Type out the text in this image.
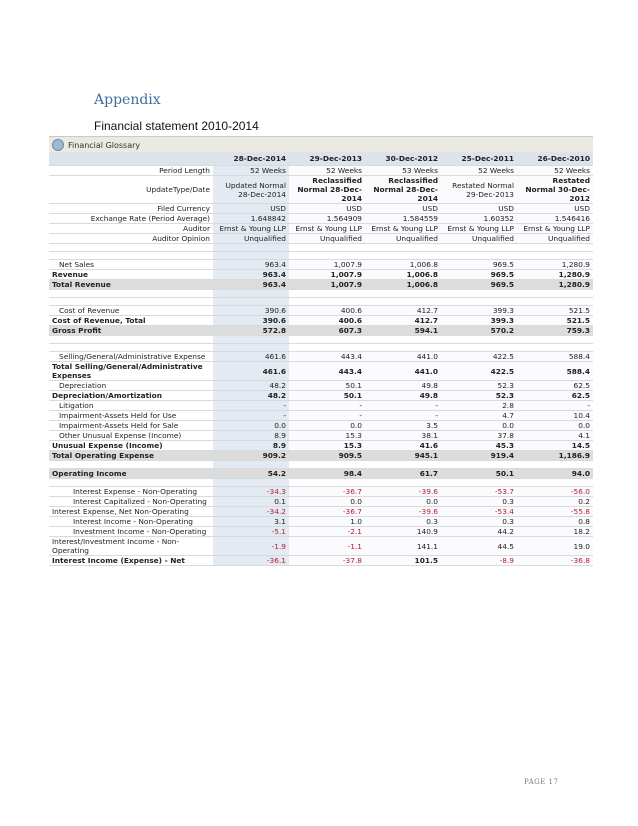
Appendix
Financial statement 2010-2014
Financial Glossary
	28-Dec-2014	29-Dec-2013	30-Dec-2012	25-Dec-2011	26-Dec-2010
Period Length	52 Weeks	52 Weeks	53 Weeks	52 Weeks	52 Weeks
UpdateType/Date	Updated Normal 28-Dec-2014	Reclassified Normal 28-Dec-2014	Reclassified Normal 28-Dec-2014	Restated Normal 29-Dec-2013	Restated Normal 30-Dec-2012
Filed Currency	USD	USD	USD	USD	USD
Exchange Rate (Period Average)	1.648842	1.564909	1.584559	1.60352	1.546416
Auditor	Ernst & Young LLP	Ernst & Young LLP	Ernst & Young LLP	Ernst & Young LLP	Ernst & Young LLP
Auditor Opinion	Unqualified	Unqualified	Unqualified	Unqualified	Unqualified

Net Sales	963.4	1,007.9	1,006.8	969.5	1,280.9
Revenue	963.4	1,007.9	1,006.8	969.5	1,280.9
Total Revenue	963.4	1,007.9	1,006.8	969.5	1,280.9

Cost of Revenue	390.6	400.6	412.7	399.3	521.5
Cost of Revenue, Total	390.6	400.6	412.7	399.3	521.5
Gross Profit	572.8	607.3	594.1	570.2	759.3

Selling/General/Administrative Expense	461.6	443.4	441.0	422.5	588.4
Total Selling/General/Administrative Expenses	461.6	443.4	441.0	422.5	588.4
Depreciation	48.2	50.1	49.8	52.3	62.5
Depreciation/Amortization	48.2	50.1	49.8	52.3	62.5
Litigation	-	-	-	2.8	-
Impairment-Assets Held for Use	-	-	-	4.7	10.4
Impairment-Assets Held for Sale	0.0	0.0	3.5	0.0	0.0
Other Unusual Expense (Income)	8.9	15.3	38.1	37.8	4.1
Unusual Expense (Income)	8.9	15.3	41.6	45.3	14.5
Total Operating Expense	909.2	909.5	945.1	919.4	1,186.9

Operating Income	54.2	98.4	61.7	50.1	94.0

Interest Expense - Non-Operating	-34.3	-36.7	-39.6	-53.7	-56.0
Interest Capitalized - Non-Operating	0.1	0.0	0.0	0.3	0.2
Interest Expense, Net Non-Operating	-34.2	-36.7	-39.6	-53.4	-55.8
Interest Income - Non-Operating	3.1	1.0	0.3	0.3	0.8
Investment Income - Non-Operating	-5.1	-2.1	140.9	44.2	18.2
Interest/Investment Income - Non-Operating	-1.9	-1.1	141.1	44.5	19.0
Interest Income (Expense) - Net	-36.1	-37.8	101.5	-8.9	-36.8
PAGE 17
